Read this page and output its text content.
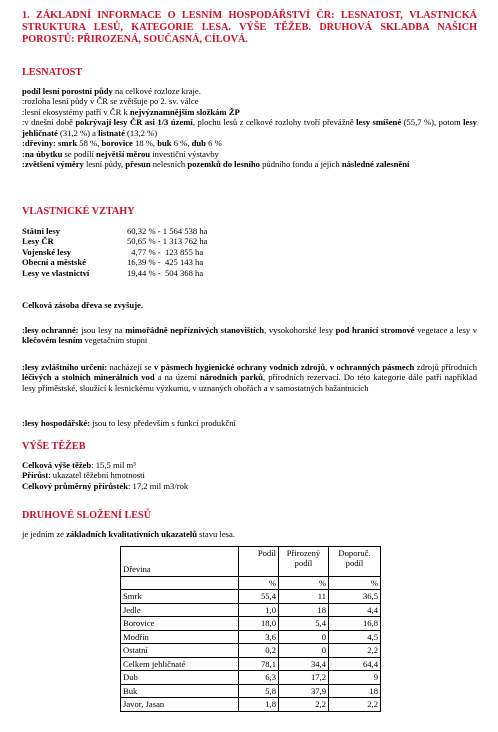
1. ZÁKLADNÍ INFORMACE O LESNÍM HOSPODÁŘSTVÍ ČR: LESNATOST, VLASTNICKÁ STRUKTURA LESŮ, KATEGORIE LESA. VÝŠE TĚŽEB. DRUHOVÁ SKLADBA NAŠICH POROSTŮ: PŘIROZENÁ, SOUČASNÁ, CÍLOVÁ.

LESNATOST

podíl lesní porostní půdy na celkové rozloze kraje.

:rozloha lesní půdy v ČR se zvětšuje po 2. sv. válce

:lesní ekosystémy patří v ČR k nejvýznamnějším složkám ŽP

:v dnešní době pokrývají lesy ČR asi 1/3 území, plochu lesů z celkové rozlohy tvoří převážně lesy smíšené (55,7 %), potom lesy jehličnaté (31,2 %) a listnaté (13,2 %)

:dřeviny: smrk 58 %, borovice 18 %, buk 6 %, dub 6 %

:na úbytku se podílí největší měrou investiční výstavby

:zvětšení výměry lesní půdy, přesun nelesních pozemků do lesního půdního fondu a jejich následné zalesnění

VLASTNICKÉ VZTAHY
Státní lesy	60,32 % - 1 564 538 ha
Lesy ČR	50,65 % - 1 313 762 ha
Vojenské lesy	4,77 % -  123 855 ha
Obecní a městské	16,39 % -  425 143 ha
Lesy ve vlastnictví	19,44 % -  504 368 ha

Celková zásoba dřeva se zvyšuje.

:lesy ochranné: jsou lesy na mimořádně nepříznivých stanovištích, vysokohorské lesy pod hranicí stromové vegetace a lesy v klečovém lesním vegetačním stupni

:lesy zvláštního určení: nacházejí se v pásmech hygienické ochrany vodních zdrojů, v ochranných pásmech zdrojů přírodních léčivých a stolních minerálních vod a na území národních parků, přírodních rezervací. Do této kategorie dále patří například lesy příměstské, sloužící k lesnickému výzkumu, v uznaných obořách a v samostatných bažantnicích

:lesy hospodářské: jsou to lesy především s funkcí produkční

VÝŠE TĚŽEB

Celková výše těžeb: 15,5 mil m³

Přírůst: ukazatel těžební hmotnosti

Celkový průměrný přírůstek: 17,2 mil m3/rok

DRUHOVÉ SLOŽENÍ LESŮ

je jedním ze základních kvalitativních ukazatelů stavu lesa.

Dřevina	Podíl	Přirozený podíl	Doporuč. podíl
	%	%	%
Smrk	55,4	11	36,5
Jedle	1,0	18	4,4
Borovice	18,0	5,4	16,8
Modřín	3,6	0	4,5
Ostatní	0,2	0	2,2
Celkem jehličnaté	78,1	34,4	64,4
Dub	6,3	17,2	9
Buk	5,8	37,9	18
Javor, Jasan	1,8	2,2	2,2
